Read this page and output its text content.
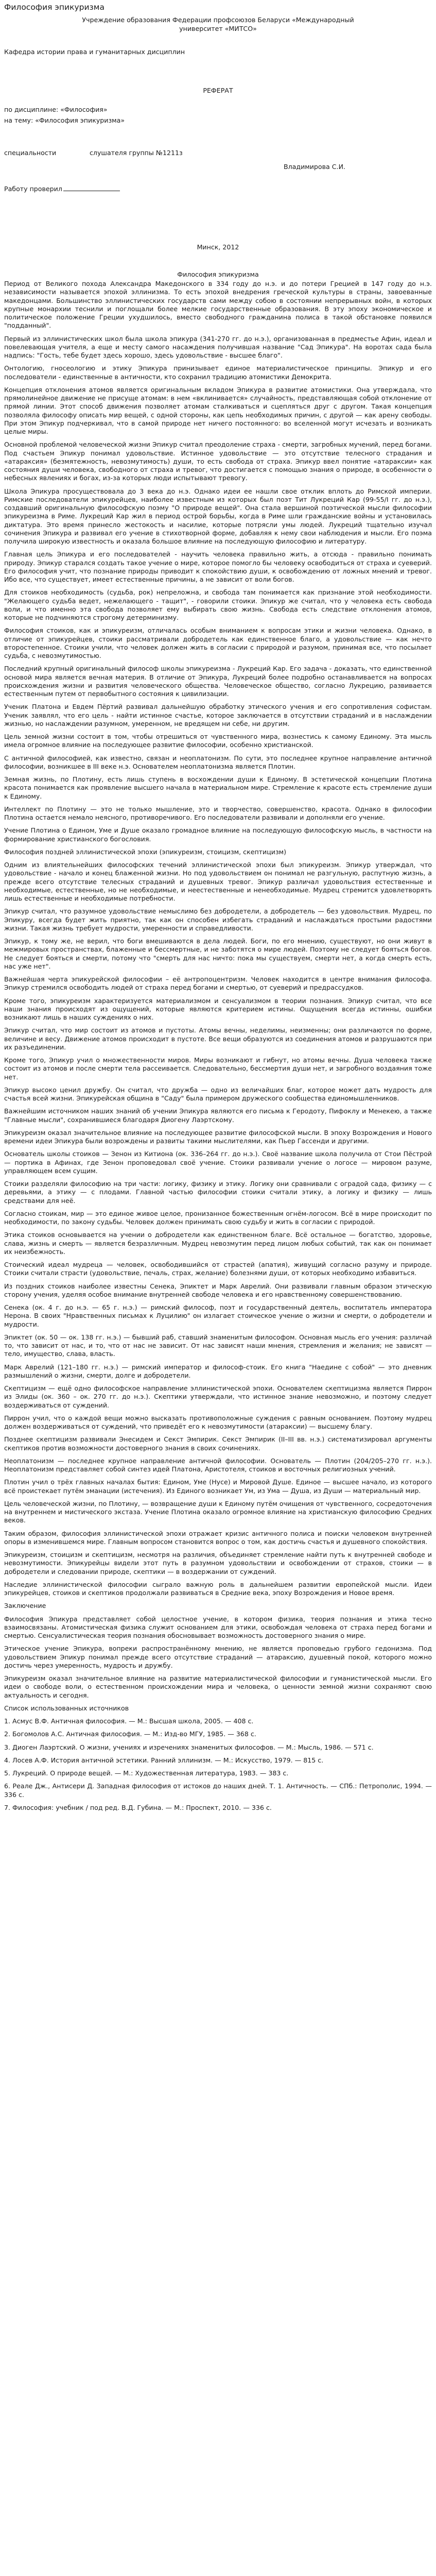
Философия эпикуризма
Учреждение образования Федерации профсоюзов Беларуси «Международный
университет «МИТСО»
Кафедра истории права и гуманитарных дисциплин
РЕФЕРАТ
по дисциплине: «Философия»
на тему: «Философия эпикуризма»
специальности	слушателя группы №1211з
Владимирова С.И.
Работу проверил
Минск, 2012
Философия эпикуризма

Период от Великого похода Александра Македонского в 334 году до н.э. и до потери Грецией в 147 году до н.э. независимости называется эпохой эллинизма. То есть эпохой внедрения греческой культуры в страны, завоеванные македонцами. Большинство эллинистических государств сами между собою в состоянии непрерывных войн, в которых крупные монархии теснили и поглощали более мелкие государственные образования. В эту эпоху экономическое и политическое положение Греции ухудшилось, вместо свободного гражданина полиса в такой обстановке появился "подданный".

Первый из эллинистических школ была школа эпикура (341-270 гг. до н.э.), организованная в предместье Афин, идеал и повелевающая учителя, а еще и месту самого насаждения получившая название "Сад Эпикура". На воротах сада была надпись: "Гость, тебе будет здесь хорошо, здесь удовольствие - высшее благо".

Онтологию, гносеологию и этику Эпикура принизывает единое материалистическое принципы. Эпикур и его последователи - единственные в античности, кто сохранил традицию атомистики Демокрита.

Концепция отклонения атомов является оригинальным вкладом Эпикура в развитие атомистики. Она утверждала, что прямолинейное движение не присуще атомам: в нем «вклинивается» случайность, представляющая собой отклонение от прямой линии. Этот способ движения позволяет атомам сталкиваться и сцепляться друг с другом. Такая концепция позволяла философу описать мир вещей, с одной стороны, как цепь необходимых причин, с другой — как арену свободы. При этом Эпикур подчеркивал, что в самой природе нет ничего постоянного: во вселенной могут исчезать и возникать целые миры.

Основной проблемой человеческой жизни Эпикур считал преодоление страха - смерти, загробных мучений, перед богами. Под счастьем Эпикур понимал удовольствие. Истинное удовольствие — это отсутствие телесного страдания и «атараксия» (безмятежность, невозмутимость) души, то есть свобода от страха. Эпикур ввел понятие «атараксии» как состояния души человека, свободного от страха и тревог, что достигается с помощью знания о природе, в особенности о небесных явлениях и богах, из-за которых люди испытывают тревогу.

Школа Эпикура просуществовала до 3 века до н.э. Однако идеи ее нашли свое отклик вплоть до Римской империи. Римские последователи эпикурейцев, наиболее известным из которых был поэт Тит Лукреций Кар (99-55/I гг. до н.э.), создавший оригинальную философскую поэму "О природе вещей". Она стала вершиной поэтической мысли философии эпикуреизма в Риме. Лукреций Кар жил в период острой борьбы, когда в Риме шли гражданские войны и установилась диктатура. Это время принесло жестокость и насилие, которые потрясли умы людей. Лукреций тщательно изучал сочинения Эпикура и развивал его учение в стихотворной форме, добавляя к нему свои наблюдения и мысли. Его поэма получила широкую известность и оказала большое влияние на последующую философию и литературу.

Главная цель Эпикура и его последователей - научить человека правильно жить, а отсюда - правильно понимать природу. Эпикур старался создать такое учение о мире, которое помогло бы человеку освободиться от страха и суеверий. Его философия учит, что познание природы приводит к спокойствию души, к освобождению от ложных мнений и тревог. Ибо все, что существует, имеет естественные причины, а не зависит от воли богов.

Для стоиков необходимость (судьба, рок) непреложна, и свобода там понимается как признание этой необходимости. "Желающего судьба ведет, нежелающего - тащит", - говорили стоики. Эпикур же считал, что у человека есть свобода воли, и что именно эта свобода позволяет ему выбирать свою жизнь. Свобода есть следствие отклонения атомов, которые не подчиняются строгому детерминизму.

Философия стоиков, как и эпикуреизм, отличалась особым вниманием к вопросам этики и жизни человека. Однако, в отличие от эпикурейцев, стоики рассматривали добродетель как единственное благо, а удовольствие — как нечто второстепенное. Стоики учили, что человек должен жить в согласии с природой и разумом, принимая все, что посылает судьба, с невозмутимостью.

Последний крупный оригинальный философ школы эпикуреизма - Лукреций Кар. Его задача - доказать, что единственной основой мира является вечная материя. В отличие от Эпикура, Лукреций более подробно останавливается на вопросах происхождения жизни и развития человеческого общества. Человеческое общество, согласно Лукрецию, развивается естественным путем от первобытного состояния к цивилизации.

Ученик Платона и Евдем Пёртий развивал дальнейшую обработку этического учения и его сопротивления софистам. Ученик заявлял, что его цель - найти истинное счастье, которое заключается в отсутствии страданий и в наслаждении жизнью, но наслаждении разумном, умеренном, не вредящем ни себе, ни другим.

Цель земной жизни состоит в том, чтобы отрешиться от чувственного мира, вознестись к самому Единому. Эта мысль имела огромное влияние на последующее развитие философии, особенно христианской.

С античной философией, как известно, связан и неоплатонизм. По сути, это последнее крупное направление античной философии, возникшее в III веке н.э. Основателем неоплатонизма является Плотин.

Земная жизнь, по Плотину, есть лишь ступень в восхождении души к Единому. В эстетической концепции Плотина красота понимается как проявление высшего начала в материальном мире. Стремление к красоте есть стремление души к Единому.

Интеллект по Плотину — это не только мышление, это и творчество, совершенство, красота. Однако в философии Плотина остается немало неясного, противоречивого. Его последователи развивали и дополняли его учение.

Учение Плотина о Едином, Уме и Душе оказало громадное влияние на последующую философскую мысль, в частности на формирование христианского богословия.

Философия поздней эллинистической эпохи (эпикуреизм, стоицизм, скептицизм)

Одним из влиятельнейших философских течений эллинистической эпохи был эпикуреизм. Эпикур утверждал, что удовольствие - начало и конец блаженной жизни. Но под удовольствием он понимал не разгульную, распутную жизнь, а прежде всего отсутствие телесных страданий и душевных тревог. Эпикур различал удовольствия естественные и необходимые, естественные, но не необходимые, и неестественные и ненеобходимые. Мудрец стремится удовлетворять лишь естественные и необходимые потребности.

Эпикур считал, что разумное удовольствие немыслимо без добродетели, а добродетель — без удовольствия. Мудрец, по Эпикуру, всегда будет жить приятно, так как он способен избегать страданий и наслаждаться простыми радостями жизни. Такая жизнь требует мудрости, умеренности и справедливости.

Эпикур, к тому же, не верил, что боги вмешиваются в дела людей. Боги, по его мнению, существуют, но они живут в межмировых пространствах, блаженные и бессмертные, и не заботятся о мире людей. Поэтому не следует бояться богов. Не следует бояться и смерти, потому что "смерть для нас ничто: пока мы существуем, смерти нет, а когда смерть есть, нас уже нет".

Важнейшая черта эпикурейской философии – её антропоцентризм. Человек находится в центре внимания философа. Эпикур стремился освободить людей от страха перед богами и смертью, от суеверий и предрассудков.

Кроме того, эпикуреизм характеризуется материализмом и сенсуализмом в теории познания. Эпикур считал, что все наши знания происходят из ощущений, которые являются критерием истины. Ощущения всегда истинны, ошибки возникают лишь в наших суждениях о них.

Эпикур считал, что мир состоит из атомов и пустоты. Атомы вечны, неделимы, неизменны; они различаются по форме, величине и весу. Движение атомов происходит в пустоте. Все вещи образуются из соединения атомов и разрушаются при их разъединении.

Кроме того, Эпикур учил о множественности миров. Миры возникают и гибнут, но атомы вечны. Душа человека также состоит из атомов и после смерти тела рассеивается. Следовательно, бессмертия души нет, и загробного воздаяния тоже нет.

Эпикур высоко ценил дружбу. Он считал, что дружба — одно из величайших благ, которое может дать мудрость для счастья всей жизни. Эпикурейская община в "Саду" была примером дружеского сообщества единомышленников.

Важнейшим источником наших знаний об учении Эпикура являются его письма к Геродоту, Пифоклу и Менекею, а также "Главные мысли", сохранившиеся благодаря Диогену Лаэртскому.

Эпикуреизм оказал значительное влияние на последующее развитие философской мысли. В эпоху Возрождения и Нового времени идеи Эпикура были возрождены и развиты такими мыслителями, как Пьер Гассенди и другими.

Основатель школы стоиков — Зенон из Китиона (ок. 336–264 гг. до н.э.). Своё название школа получила от Стои Пёстрой — портика в Афинах, где Зенон проповедовал своё учение. Стоики развивали учение о логосе — мировом разуме, управляющем всем сущим.

Стоики разделяли философию на три части: логику, физику и этику. Логику они сравнивали с оградой сада, физику — с деревьями, а этику — с плодами. Главной частью философии стоики считали этику, а логику и физику — лишь средствами для неё.

Согласно стоикам, мир — это единое живое целое, пронизанное божественным огнём-логосом. Всё в мире происходит по необходимости, по закону судьбы. Человек должен принимать свою судьбу и жить в согласии с природой.

Этика стоиков основывается на учении о добродетели как единственном благе. Всё остальное — богатство, здоровье, слава, жизнь и смерть — является безразличным. Мудрец невозмутим перед лицом любых событий, так как он понимает их неизбежность.

Стоический идеал мудреца — человек, освободившийся от страстей (апатия), живущий согласно разуму и природе. Стоики считали страсти (удовольствие, печаль, страх, желание) болезнями души, от которых необходимо избавиться.

Из поздних стоиков наиболее известны Сенека, Эпиктет и Марк Аврелий. Они развивали главным образом этическую сторону учения, уделяя особое внимание внутренней свободе человека и его нравственному совершенствованию.

Сенека (ок. 4 г. до н.э. — 65 г. н.э.) — римский философ, поэт и государственный деятель, воспитатель императора Нерона. В своих "Нравственных письмах к Луцилию" он излагает стоическое учение о жизни и смерти, о добродетели и мудрости.

Эпиктет (ок. 50 — ок. 138 гг. н.э.) — бывший раб, ставший знаменитым философом. Основная мысль его учения: различай то, что зависит от нас, и то, что от нас не зависит. От нас зависят наши мнения, стремления и желания; не зависят — тело, имущество, слава, власть.

Марк Аврелий (121–180 гг. н.э.) — римский император и философ-стоик. Его книга "Наедине с собой" — это дневник размышлений о жизни, смерти, долге и добродетели.

Скептицизм — ещё одно философское направление эллинистической эпохи. Основателем скептицизма является Пиррон из Элиды (ок. 360 – ок. 270 гг. до н.э.). Скептики утверждали, что истинное знание невозможно, и поэтому следует воздерживаться от суждений.

Пиррон учил, что о каждой вещи можно высказать противоположные суждения с равным основанием. Поэтому мудрец должен воздерживаться от суждений, что приведёт его к невозмутимости (атараксии) — высшему благу.

Позднее скептицизм развивали Энесидем и Секст Эмпирик. Секст Эмпирик (II–III вв. н.э.) систематизировал аргументы скептиков против возможности достоверного знания в своих сочинениях.

Неоплатонизм — последнее крупное направление античной философии. Основатель — Плотин (204/205–270 гг. н.э.). Неоплатонизм представляет собой синтез идей Платона, Аристотеля, стоиков и восточных религиозных учений.

Плотин учил о трёх главных началах бытия: Едином, Уме (Нусе) и Мировой Душе. Единое — высшее начало, из которого всё проистекает путём эманации (истечения). Из Единого возникает Ум, из Ума — Душа, из Души — материальный мир.

Цель человеческой жизни, по Плотину, — возвращение души к Единому путём очищения от чувственного, сосредоточения на внутреннем и мистического экстаза. Учение Плотина оказало огромное влияние на христианскую философию Средних веков.

Таким образом, философия эллинистической эпохи отражает кризис античного полиса и поиски человеком внутренней опоры в изменившемся мире. Главным вопросом становится вопрос о том, как достичь счастья и душевного спокойствия.

Эпикуреизм, стоицизм и скептицизм, несмотря на различия, объединяет стремление найти путь к внутренней свободе и невозмутимости. Эпикурейцы видели этот путь в разумном удовольствии и освобождении от страхов, стоики — в добродетели и следовании природе, скептики — в воздержании от суждений.

Наследие эллинистической философии сыграло важную роль в дальнейшем развитии европейской мысли. Идеи эпикурейцев, стоиков и скептиков продолжали развиваться в Средние века, эпоху Возрождения и Новое время.

Заключение

Философия Эпикура представляет собой целостное учение, в котором физика, теория познания и этика тесно взаимосвязаны. Атомистическая физика служит основанием для этики, освобождая человека от страха перед богами и смертью. Сенсуалистическая теория познания обосновывает возможность достоверного знания о мире.

Этическое учение Эпикура, вопреки распространённому мнению, не является проповедью грубого гедонизма. Под удовольствием Эпикур понимал прежде всего отсутствие страданий — атараксию, душевный покой, которого можно достичь через умеренность, мудрость и дружбу.

Эпикуреизм оказал значительное влияние на развитие материалистической философии и гуманистической мысли. Его идеи о свободе воли, о естественном происхождении мира и человека, о ценности земной жизни сохраняют свою актуальность и сегодня.

Список использованных источников

1. Асмус В.Ф. Античная философия. — М.: Высшая школа, 2005. — 408 с.

2. Богомолов А.С. Античная философия. — М.: Изд-во МГУ, 1985. — 368 с.

3. Диоген Лаэртский. О жизни, учениях и изречениях знаменитых философов. — М.: Мысль, 1986. — 571 с.

4. Лосев А.Ф. История античной эстетики. Ранний эллинизм. — М.: Искусство, 1979. — 815 с.

5. Лукреций. О природе вещей. — М.: Художественная литература, 1983. — 383 с.

6. Реале Дж., Антисери Д. Западная философия от истоков до наших дней. Т. 1. Античность. — СПб.: Петрополис, 1994. — 336 с.

7. Философия: учебник / под ред. В.Д. Губина. — М.: Проспект, 2010. — 336 с.
